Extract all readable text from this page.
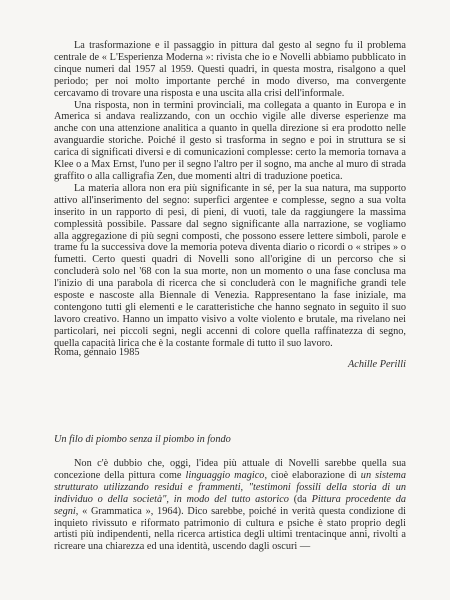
La trasformazione e il passaggio in pittura dal gesto al segno fu il problema centrale de « L'Esperienza Moderna »: rivista che io e Novelli abbiamo pubblicato in cinque numeri dal 1957 al 1959. Questi quadri, in questa mostra, risalgono a quel periodo; per noi molto importante perché in modo diverso, ma convergente cercavamo di trovare una risposta e una uscita alla crisi dell'informale.

Una risposta, non in termini provinciali, ma collegata a quanto in Europa e in America si andava realizzando, con un occhio vigile alle diverse esperienze ma anche con una attenzione analitica a quanto in quella direzione si era prodotto nelle avanguardie storiche. Poiché il gesto si trasforma in segno e poi in struttura se si carica di significati diversi e di comunicazioni complesse: certo la memoria tornava a Klee o a Max Ernst, l'uno per il segno l'altro per il sogno, ma anche al muro di strada graffito o alla calligrafia Zen, due momenti altri di traduzione poetica.

La materia allora non era più significante in sé, per la sua natura, ma supporto attivo all'inserimento del segno: superfici argentee e complesse, segno a sua volta inserito in un rapporto di pesi, di pieni, di vuoti, tale da raggiungere la massima complessità possibile. Passare dal segno significante alla narrazione, se vogliamo alla aggregazione di più segni composti, che possono essere lettere simboli, parole e trame fu la successiva dove la memoria poteva diventa diario o ricordi o « stripes » o fumetti. Certo questi quadri di Novelli sono all'origine di un percorso che si concluderà solo nel '68 con la sua morte, non un momento o una fase conclusa ma l'inizio di una parabola di ricerca che si concluderà con le magnifiche grandi tele esposte e nascoste alla Biennale di Venezia. Rappresentano la fase iniziale, ma contengono tutti gli elementi e le caratteristiche che hanno segnato in seguito il suo lavoro creativo. Hanno un impatto visivo a volte violento e brutale, ma rivelano nei particolari, nei piccoli segni, negli accenni di colore quella raffinatezza di segno, quella capacità lirica che è la costante formale di tutto il suo lavoro.

Roma, gennaio 1985
Achille Perilli
Un filo di piombo senza il piombo in fondo

Non c'è dubbio che, oggi, l'idea più attuale di Novelli sarebbe quella sua concezione della pittura come linguaggio magico, cioè elaborazione di un sistema strutturato utilizzando residui e frammenti, "testimoni fossili della storia di un individuo o della società", in modo del tutto astorico (da Pittura procedente da segni, « Grammatica », 1964). Dico sarebbe, poiché in verità questa condizione di inquieto rivissuto e riformato patrimonio di cultura e psiche è stato proprio degli artisti più indipendenti, nella ricerca artistica degli ultimi trentacinque anni, rivolti a ricreare una chiarezza ed una identità, uscendo dagli oscuri —
